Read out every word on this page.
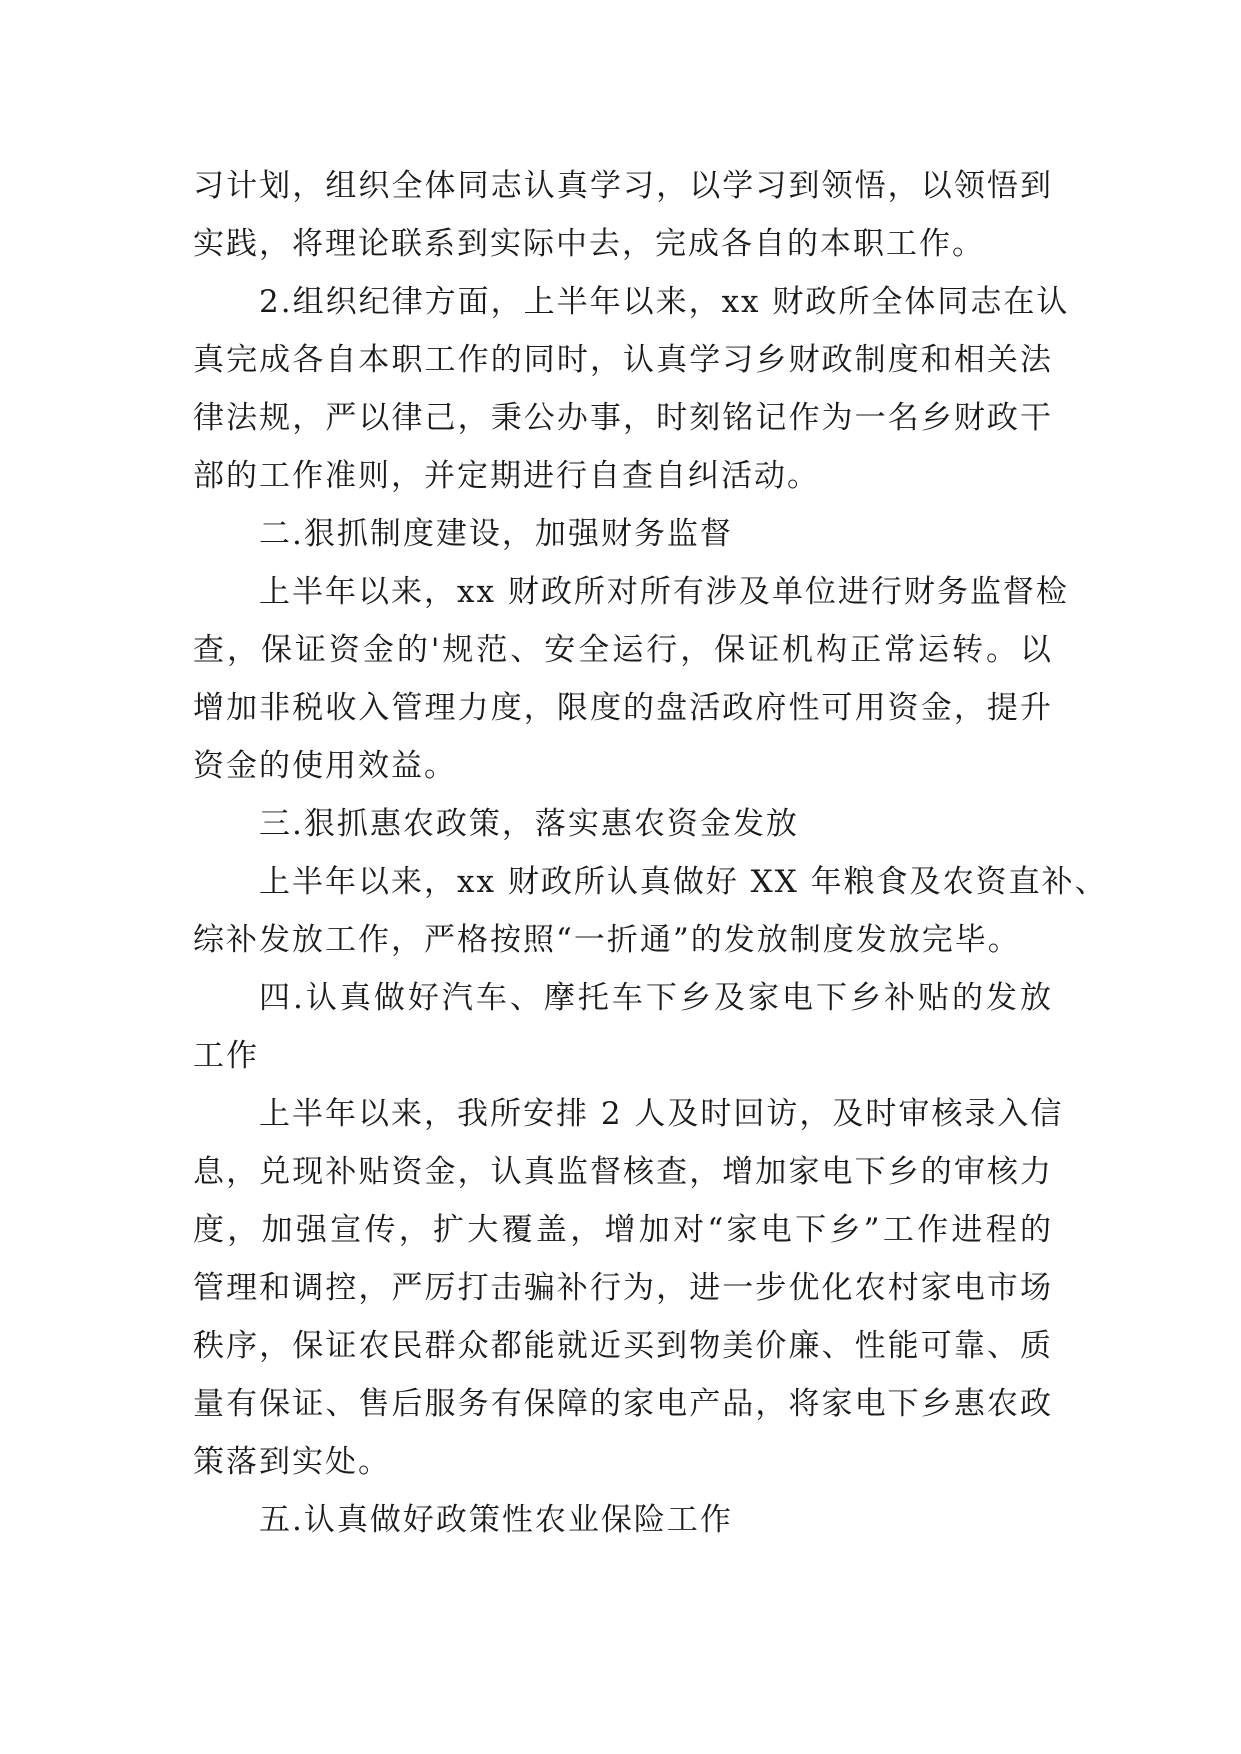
习计划，组织全体同志认真学习，以学习到领悟，以领悟到
实践，将理论联系到实际中去，完成各自的本职工作。
2.组织纪律方面，上半年以来，xx 财政所全体同志在认
真完成各自本职工作的同时，认真学习乡财政制度和相关法
律法规，严以律己，秉公办事，时刻铭记作为一名乡财政干
部的工作准则，并定期进行自查自纠活动。
二.狠抓制度建设，加强财务监督
上半年以来，xx 财政所对所有涉及单位进行财务监督检
查，保证资金的'规范、安全运行，保证机构正常运转。以
增加非税收入管理力度，限度的盘活政府性可用资金，提升
资金的使用效益。
三.狠抓惠农政策，落实惠农资金发放
上半年以来，xx 财政所认真做好 XX 年粮食及农资直补、
综补发放工作，严格按照“一折通”的发放制度发放完毕。
四.认真做好汽车、摩托车下乡及家电下乡补贴的发放
工作
上半年以来，我所安排 2 人及时回访，及时审核录入信
息，兑现补贴资金，认真监督核查，增加家电下乡的审核力
度，加强宣传，扩大覆盖，增加对“家电下乡”工作进程的
管理和调控，严厉打击骗补行为，进一步优化农村家电市场
秩序，保证农民群众都能就近买到物美价廉、性能可靠、质
量有保证、售后服务有保障的家电产品，将家电下乡惠农政
策落到实处。
五.认真做好政策性农业保险工作
